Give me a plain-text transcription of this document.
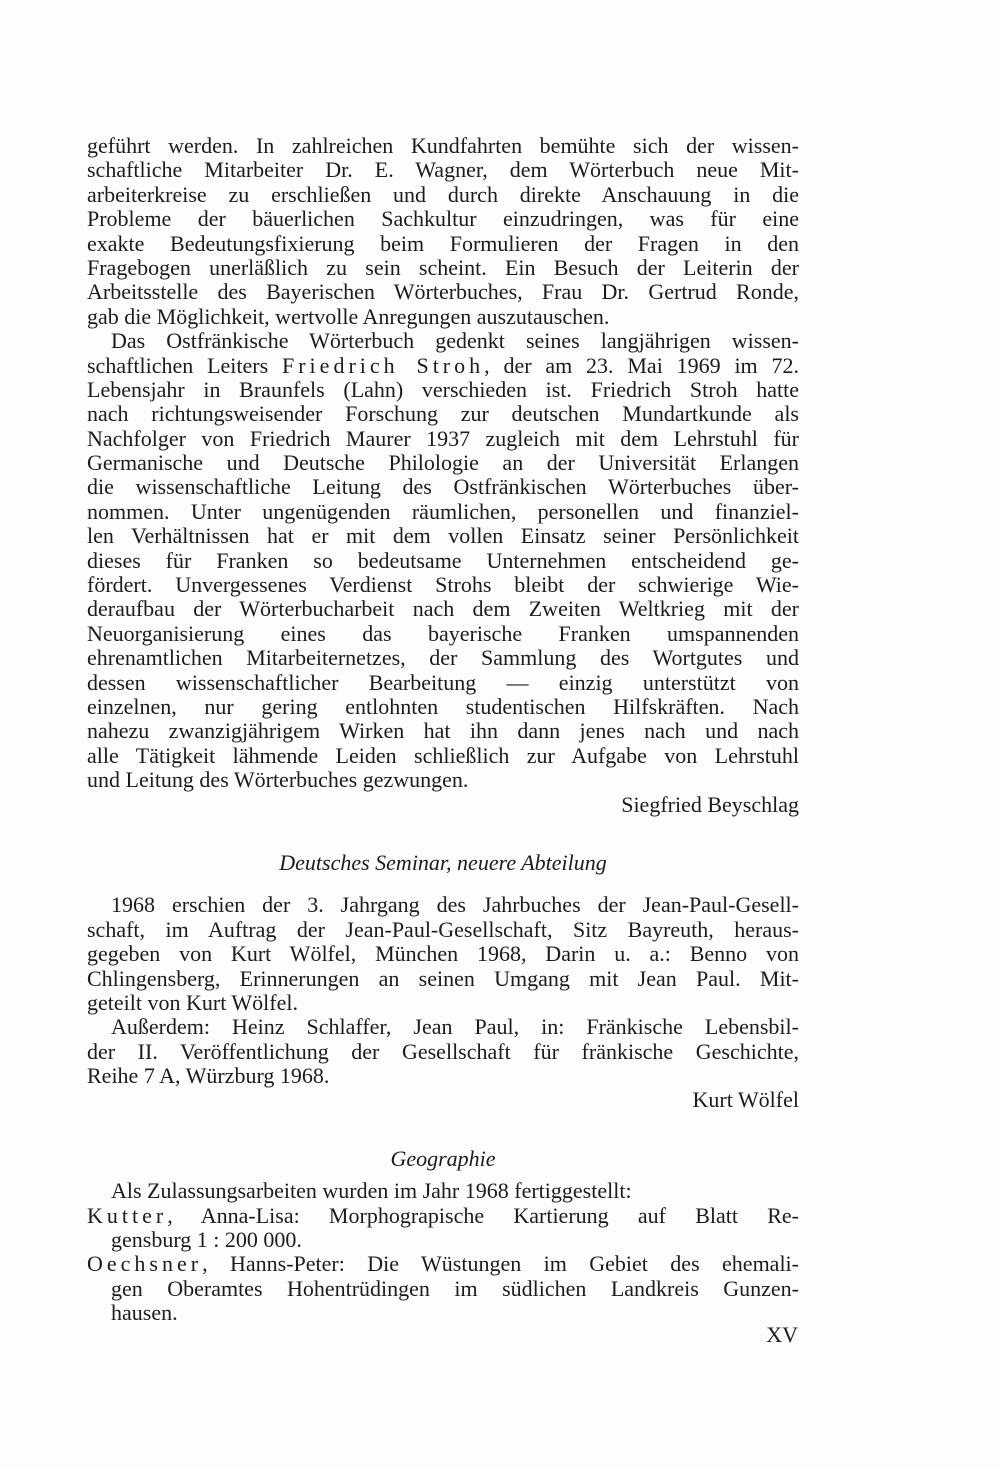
geführt werden. In zahlreichen Kundfahrten bemühte sich der wissen-
schaftliche Mitarbeiter Dr. E. Wagner, dem Wörterbuch neue Mit-
arbeiterkreise zu erschließen und durch direkte Anschauung in die
Probleme der bäuerlichen Sachkultur einzudringen, was für eine
exakte Bedeutungsfixierung beim Formulieren der Fragen in den
Fragebogen unerläßlich zu sein scheint. Ein Besuch der Leiterin der
Arbeitsstelle des Bayerischen Wörterbuches, Frau Dr. Gertrud Ronde,
gab die Möglichkeit, wertvolle Anregungen auszutauschen.
Das Ostfränkische Wörterbuch gedenkt seines langjährigen wissen-
schaftlichen Leiters Friedrich Stroh, der am 23. Mai 1969 im 72.
Lebensjahr in Braunfels (Lahn) verschieden ist. Friedrich Stroh hatte
nach richtungsweisender Forschung zur deutschen Mundartkunde als
Nachfolger von Friedrich Maurer 1937 zugleich mit dem Lehrstuhl für
Germanische und Deutsche Philologie an der Universität Erlangen
die wissenschaftliche Leitung des Ostfränkischen Wörterbuches über-
nommen. Unter ungenügenden räumlichen, personellen und finanziel-
len Verhältnissen hat er mit dem vollen Einsatz seiner Persönlichkeit
dieses für Franken so bedeutsame Unternehmen entscheidend ge-
fördert. Unvergessenes Verdienst Strohs bleibt der schwierige Wie-
deraufbau der Wörterbucharbeit nach dem Zweiten Weltkrieg mit der
Neuorganisierung eines das bayerische Franken umspannenden
ehrenamtlichen Mitarbeiternetzes, der Sammlung des Wortgutes und
dessen wissenschaftlicher Bearbeitung — einzig unterstützt von
einzelnen, nur gering entlohnten studentischen Hilfskräften. Nach
nahezu zwanzigjährigem Wirken hat ihn dann jenes nach und nach
alle Tätigkeit lähmende Leiden schließlich zur Aufgabe von Lehrstuhl
und Leitung des Wörterbuches gezwungen.
Siegfried Beyschlag
Deutsches Seminar, neuere Abteilung
1968 erschien der 3. Jahrgang des Jahrbuches der Jean-Paul-Gesell-
schaft, im Auftrag der Jean-Paul-Gesellschaft, Sitz Bayreuth, heraus-
gegeben von Kurt Wölfel, München 1968, Darin u. a.: Benno von
Chlingensberg, Erinnerungen an seinen Umgang mit Jean Paul. Mit-
geteilt von Kurt Wölfel.
Außerdem: Heinz Schlaffer, Jean Paul, in: Fränkische Lebensbil-
der II. Veröffentlichung der Gesellschaft für fränkische Geschichte,
Reihe 7 A, Würzburg 1968.
Kurt Wölfel
Geographie
Als Zulassungsarbeiten wurden im Jahr 1968 fertiggestellt:
Kutter, Anna-Lisa: Morphograpische Kartierung auf Blatt Re-
gensburg 1 : 200 000.
Oechsner, Hanns-Peter: Die Wüstungen im Gebiet des ehemali-
gen Oberamtes Hohentrüdingen im südlichen Landkreis Gunzen-
hausen.
XV
